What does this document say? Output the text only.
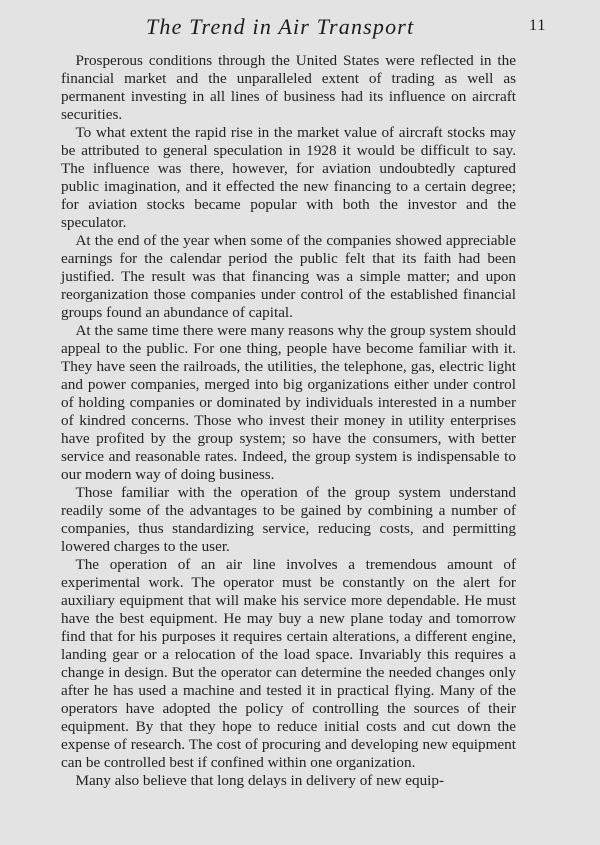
The Trend in Air Transport	11

Prosperous conditions through the United States were reflected in the financial market and the unparalleled extent of trading as well as permanent investing in all lines of business had its influence on aircraft securities.

To what extent the rapid rise in the market value of aircraft stocks may be attributed to general speculation in 1928 it would be difficult to say. The influence was there, however, for aviation undoubtedly captured public imagination, and it effected the new financing to a certain degree; for aviation stocks became popular with both the investor and the speculator.

At the end of the year when some of the companies showed appreciable earnings for the calendar period the public felt that its faith had been justified. The result was that financing was a simple matter; and upon reorganization those companies under control of the established financial groups found an abundance of capital.

At the same time there were many reasons why the group system should appeal to the public. For one thing, people have become familiar with it. They have seen the railroads, the utilities, the telephone, gas, electric light and power companies, merged into big organizations either under control of holding companies or dominated by individuals interested in a number of kindred concerns. Those who invest their money in utility enterprises have profited by the group system; so have the consumers, with better service and reasonable rates. Indeed, the group system is indispensable to our modern way of doing business.

Those familiar with the operation of the group system understand readily some of the advantages to be gained by combining a number of companies, thus standardizing service, reducing costs, and permitting lowered charges to the user.

The operation of an air line involves a tremendous amount of experimental work. The operator must be constantly on the alert for auxiliary equipment that will make his service more dependable. He must have the best equipment. He may buy a new plane today and tomorrow find that for his purposes it requires certain alterations, a different engine, landing gear or a relocation of the load space. Invariably this requires a change in design. But the operator can determine the needed changes only after he has used a machine and tested it in practical flying. Many of the operators have adopted the policy of controlling the sources of their equipment. By that they hope to reduce initial costs and cut down the expense of research. The cost of procuring and developing new equipment can be controlled best if confined within one organization.

Many also believe that long delays in delivery of new equip-
